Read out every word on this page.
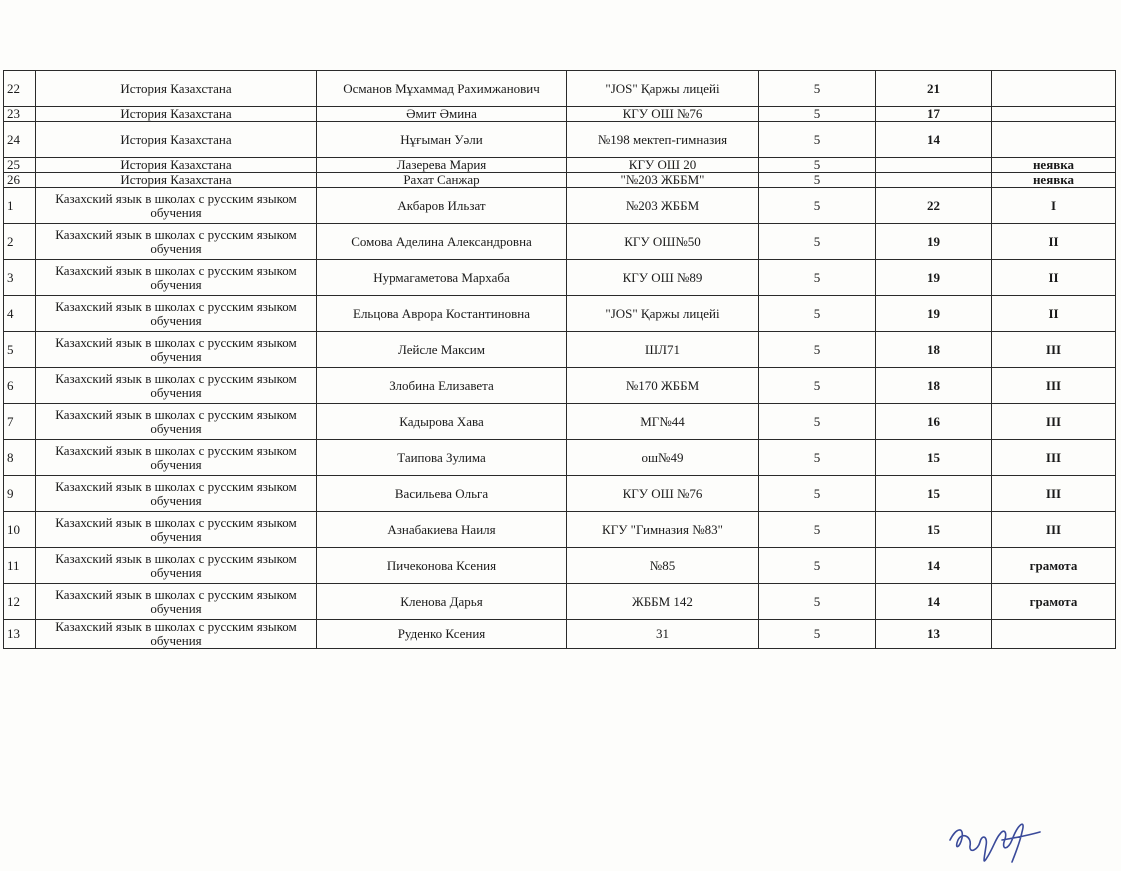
22	История Казахстана	Османов Мұхаммад Рахимжанович	"JOS" Қаржы лицейі	5	21	
23	История Казахстана	Әмит Әмина	КГУ ОШ №76	5	17	
24	История Казахстана	Нұғыман Уәли	№198 мектеп-гимназия	5	14	
25	История Казахстана	Лазерева Мария	КГУ ОШ 20	5		неявка
26	История Казахстана	Рахат Санжар	"№203 ЖББМ"	5		неявка
1	Казахский язык в школах с русским языком обучения	Акбаров Ильзат	№203 ЖББМ	5	22	I
2	Казахский язык в школах с русским языком обучения	Сомова Аделина Александровна	КГУ ОШ№50	5	19	II
3	Казахский язык в школах с русским языком обучения	Нурмагаметова Мархаба	КГУ ОШ №89	5	19	II
4	Казахский язык в школах с русским языком обучения	Ельцова Аврора Костантиновна	"JOS" Қаржы лицейі	5	19	II
5	Казахский язык в школах с русским языком обучения	Лейсле Максим	ШЛ71	5	18	III
6	Казахский язык в школах с русским языком обучения	Злобина Елизавета	№170 ЖББМ	5	18	III
7	Казахский язык в школах с русским языком обучения	Кадырова Хава	МГ№44	5	16	III
8	Казахский язык в школах с русским языком обучения	Таипова Зулима	ош№49	5	15	III
9	Казахский язык в школах с русским языком обучения	Васильева Ольга	КГУ ОШ №76	5	15	III
10	Казахский язык в школах с русским языком обучения	Азнабакиева Наиля	КГУ "Гимназия №83"	5	15	III
11	Казахский язык в школах с русским языком обучения	Пичеконова Ксения	№85	5	14	грамота
12	Казахский язык в школах с русским языком обучения	Кленова Дарья	ЖББМ 142	5	14	грамота
13	Казахский язык в школах с русским языком обучения	Руденко Ксения	31	5	13	
